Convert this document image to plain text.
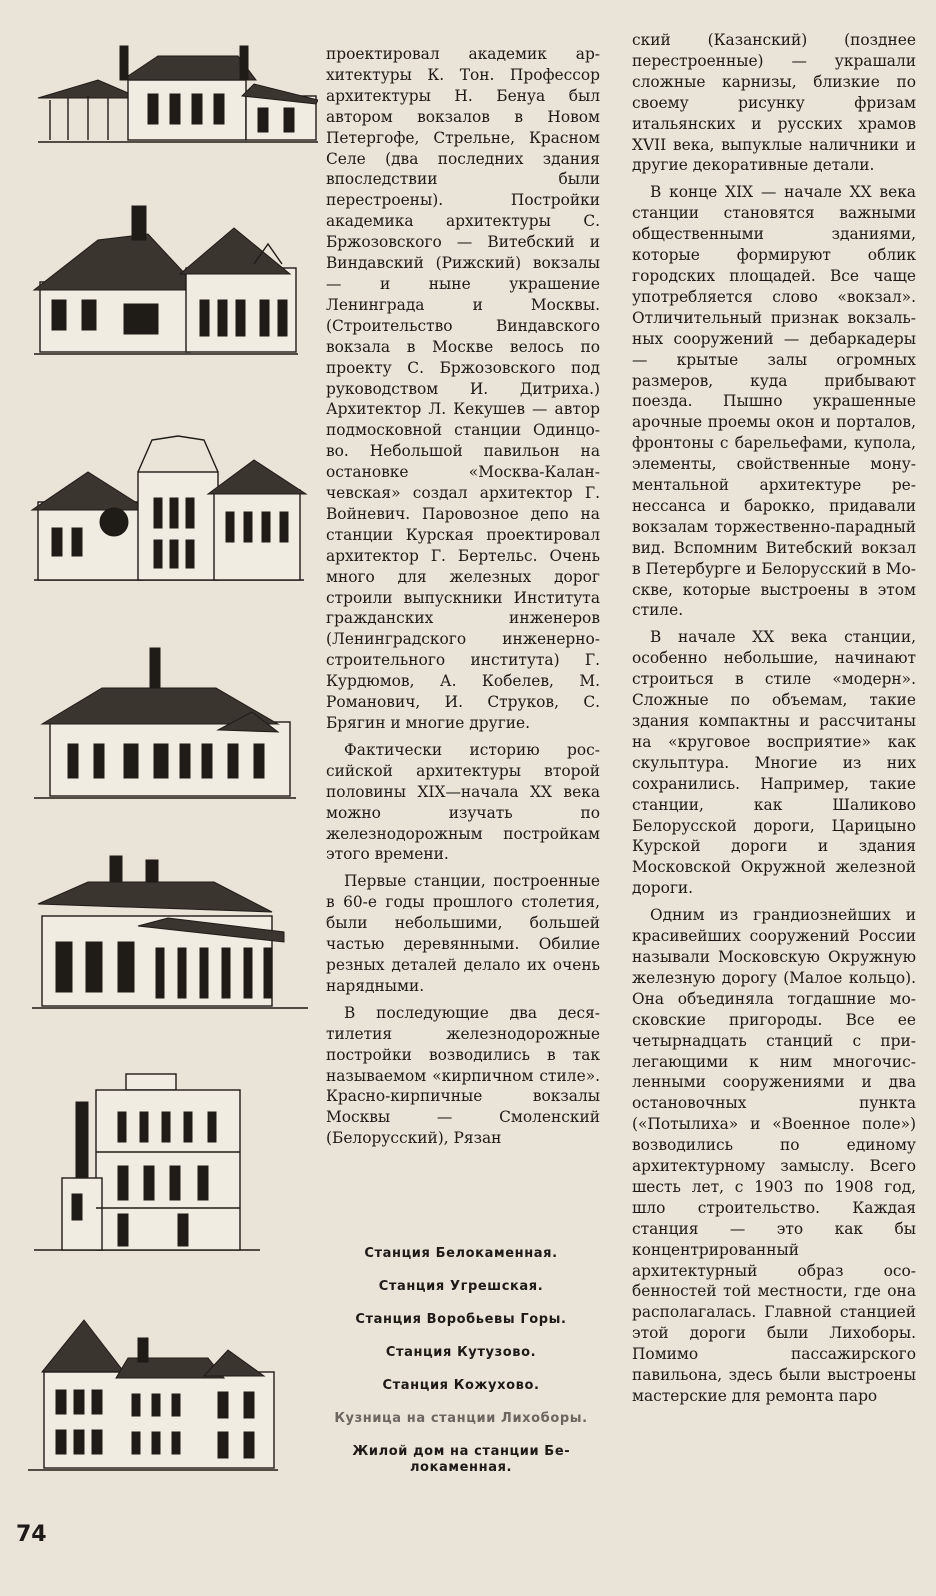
проектировал академик архитектуры К. Тон. Профессор архитектуры Н. Бенуа был автором вокзалов в Новом Петергофе, Стрельне, Красном Селе (два последних здания впоследствии были перестроены). Постройки академика архитектуры С. Бржозовского — Витебский и Виндавский (Рижский) вокзалы — и ныне украшение Ленинграда и Москвы. (Строительство Виндавского вокзала в Москве велось по проекту С. Бржозовского под руководством И. Дитриха.) Архитектор Л. Кекушев — автор подмосковной станции Одинцово. Небольшой павильон на остановке «Москва-Каланчевская» создал архитектор Г. Войневич. Паровозное депо на станции Курская проектировал архитектор Г. Бертельс. Очень много для железных дорог строили выпускники Института гражданских инженеров (Ленинградского инженерно-строительного института) Г. Курдюмов, А. Кобелев, М. Романович, И. Струков, С. Брягин и многие другие.

Фактически историю российской архитектуры второй половины XIX—начала XX века можно изучать по железнодорожным постройкам этого времени.

Первые станции, построенные в 60-е годы прошлого столетия, были небольшими, большей частью деревянными. Обилие резных деталей делало их очень нарядными.

В последующие два десятилетия железнодорожные постройки возводились в так называемом «кирпичном стиле». Красно-кирпичные вокзалы Москвы — Смоленский (Белорусский), Рязан

Станция Белокаменная.
Станция Угрешская.
Станция Воробьевы Горы.
Станция Кутузово.
Станция Кожухово.
Кузница на станции Лихоборы.
Жилой дом на станции Белокаменная.

ский (Казанский) (позднее перестроенные) — украшали сложные карнизы, близкие по своему рисунку фризам итальянских и русских храмов XVII века, выпуклые наличники и другие декоративные детали.

В конце XIX — начале XX века станции становятся важными общественными зданиями, которые формируют облик городских площадей. Все чаще употребляется слово «вокзал». Отличительный признак вокзальных сооружений — дебаркадеры — крытые залы огромных размеров, куда прибывают поезда. Пышно украшенные арочные проемы окон и порталов, фронтоны с барельефами, купола, элементы, свойственные монументальной архитектуре ренессанса и барокко, придавали вокзалам торжественно-парадный вид. Вспомним Витебский вокзал в Петербурге и Белорусский в Москве, которые выстроены в этом стиле.

В начале XX века станции, особенно небольшие, начинают строиться в стиле «модерн». Сложные по объемам, такие здания компактны и рассчитаны на «круговое восприятие» как скульптура. Многие из них сохранились. Например, такие станции, как Шаликово Белорусской дороги, Царицыно Курской дороги и здания Московской Окружной железной дороги.

Одним из грандиознейших и красивейших сооружений России называли Московскую Окружную железную дорогу (Малое кольцо). Она объединяла тогдашние московские пригороды. Все ее четырнадцать станций с прилегающими к ним многочисленными сооружениями и два остановочных пункта («Потылиха» и «Военное поле») возводились по единому архитектурному замыслу. Всего шесть лет, с 1903 по 1908 год, шло строительство. Каждая станция — это как бы концентрированный архитектурный образ особенностей той местности, где она располагалась. Главной станцией этой дороги были Лихоборы. Помимо пассажирского павильона, здесь были выстроены мастерские для ремонта паро

74
